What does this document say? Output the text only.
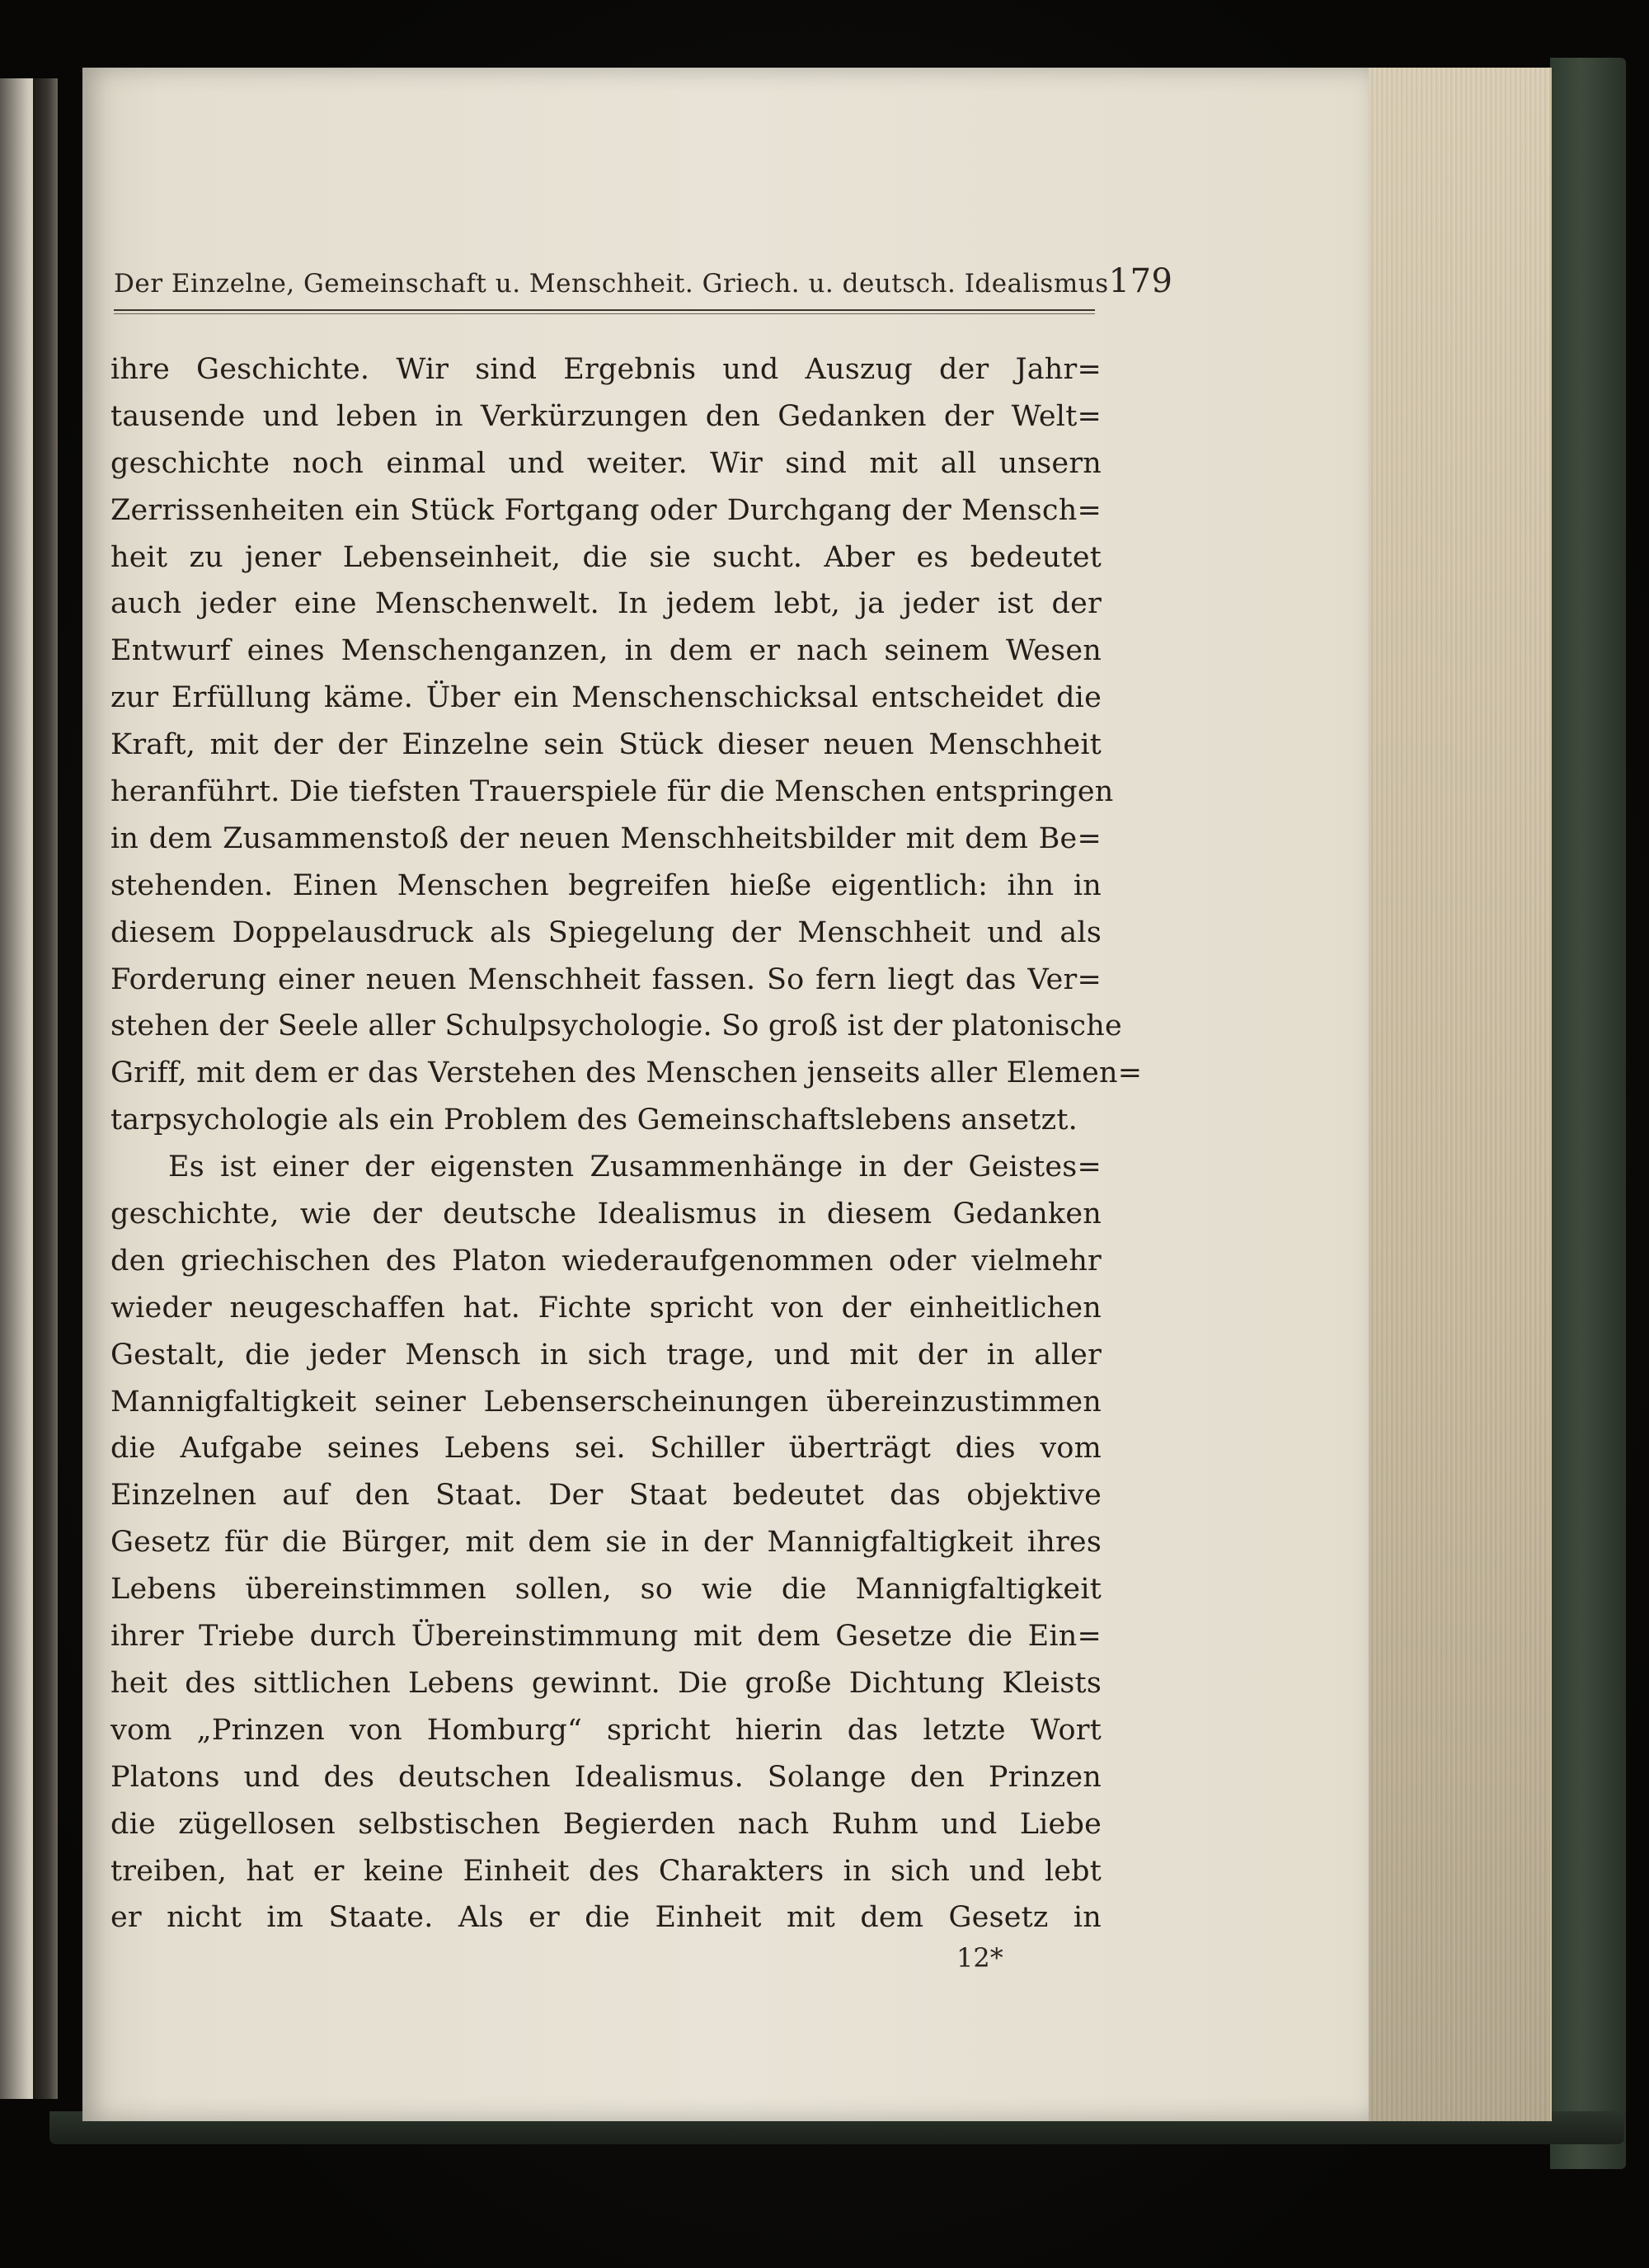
Der Einzelne, Gemeinschaft u. Menschheit. Griech. u. deutsch. Idealismus 179
ihre Geschichte. Wir sind Ergebnis und Auszug der Jahr=
tausende und leben in Verkürzungen den Gedanken der Welt=
geschichte noch einmal und weiter. Wir sind mit all unsern
Zerrissenheiten ein Stück Fortgang oder Durchgang der Mensch=
heit zu jener Lebenseinheit, die sie sucht. Aber es bedeutet
auch jeder eine Menschenwelt. In jedem lebt, ja jeder ist der
Entwurf eines Menschenganzen, in dem er nach seinem Wesen
zur Erfüllung käme. Über ein Menschenschicksal entscheidet die
Kraft, mit der der Einzelne sein Stück dieser neuen Menschheit
heranführt. Die tiefsten Trauerspiele für die Menschen entspringen
in dem Zusammenstoß der neuen Menschheitsbilder mit dem Be=
stehenden. Einen Menschen begreifen hieße eigentlich: ihn in
diesem Doppelausdruck als Spiegelung der Menschheit und als
Forderung einer neuen Menschheit fassen. So fern liegt das Ver=
stehen der Seele aller Schulpsychologie. So groß ist der platonische
Griff, mit dem er das Verstehen des Menschen jenseits aller Elemen=
tarpsychologie als ein Problem des Gemeinschaftslebens ansetzt.
Es ist einer der eigensten Zusammenhänge in der Geistes=
geschichte, wie der deutsche Idealismus in diesem Gedanken
den griechischen des Platon wiederaufgenommen oder vielmehr
wieder neugeschaffen hat. Fichte spricht von der einheitlichen
Gestalt, die jeder Mensch in sich trage, und mit der in aller
Mannigfaltigkeit seiner Lebenserscheinungen übereinzustimmen
die Aufgabe seines Lebens sei. Schiller überträgt dies vom
Einzelnen auf den Staat. Der Staat bedeutet das objektive
Gesetz für die Bürger, mit dem sie in der Mannigfaltigkeit ihres
Lebens übereinstimmen sollen, so wie die Mannigfaltigkeit
ihrer Triebe durch Übereinstimmung mit dem Gesetze die Ein=
heit des sittlichen Lebens gewinnt. Die große Dichtung Kleists
vom „Prinzen von Homburg“ spricht hierin das letzte Wort
Platons und des deutschen Idealismus. Solange den Prinzen
die zügellosen selbstischen Begierden nach Ruhm und Liebe
treiben, hat er keine Einheit des Charakters in sich und lebt
er nicht im Staate. Als er die Einheit mit dem Gesetz in
12*
